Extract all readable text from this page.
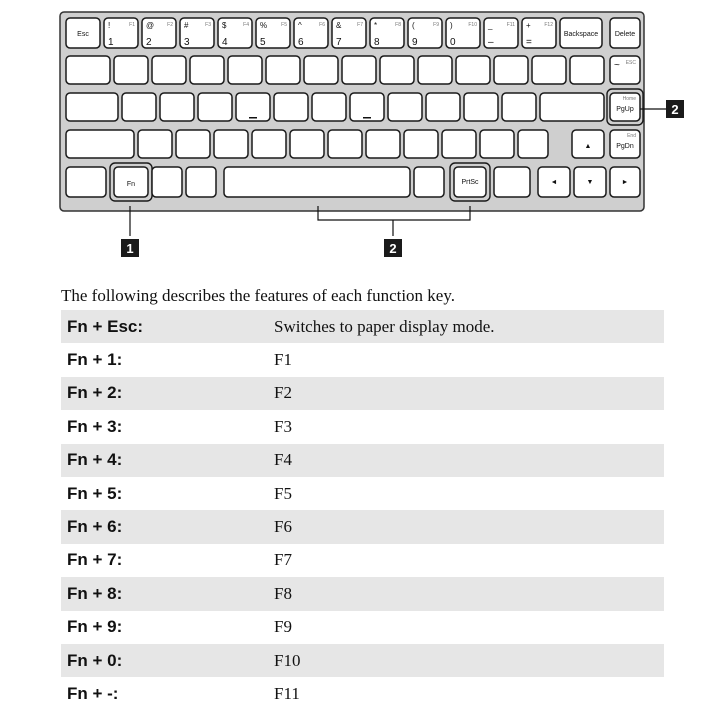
Esc
!
1
F1 @
2
F2 #
3
F3 $
4
F4 %
5
F5 ^
6
F6 &
7
F7 *
8
F8 (
9
F9 )
0
F10 _
–
F11 +
=
F12
Backspace Delete
~ ESC
Home
PgUp
▲
End
PgDn
Fn	PrtSc	◄	▼	►
1	2
2
The following describes the features of each function key.
Fn + Esc:	Switches to paper display mode.
Fn + 1:	F1
Fn + 2:	F2
Fn + 3:	F3
Fn + 4:	F4
Fn + 5:	F5
Fn + 6:	F6
Fn + 7:	F7
Fn + 8:	F8
Fn + 9:	F9
Fn + 0:	F10
Fn + -:	F11
